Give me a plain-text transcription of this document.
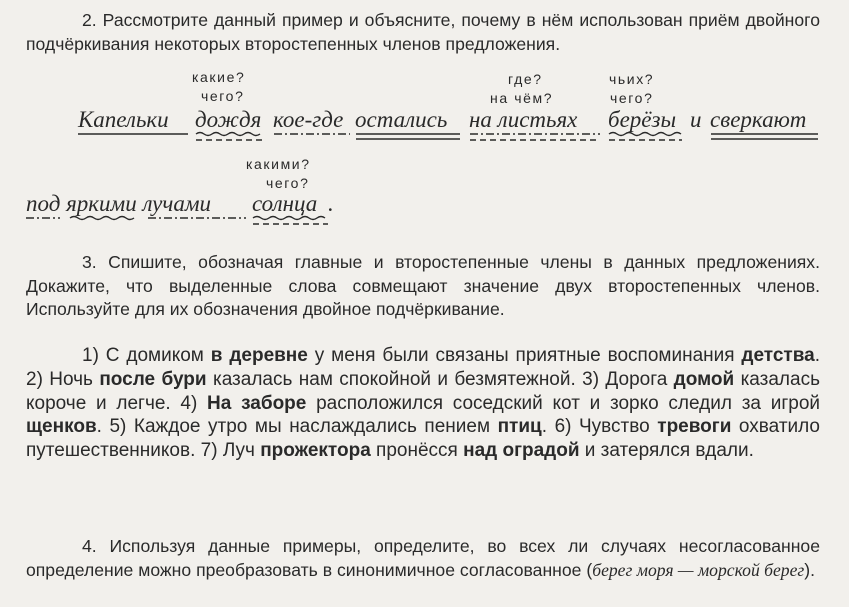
2. Рассмотрите данный пример и объясните, почему в нём использован приём двойного подчёркивания некоторых второстепенных членов предложения.
какие?
чего?
где?
на чём?
чьих?
чего?
какими?
чего?
Капельки дождя кое-где остались на листьях берёзы и сверкают
под яркими лучами солнца .
3. Спишите, обозначая главные и второстепенные члены в данных предложениях. Докажите, что выделенные слова совмещают значение двух второстепенных членов. Используйте для их обозначения двойное подчёркивание.
1) С домиком в деревне у меня были связаны приятные воспоминания детства. 2) Ночь после бури казалась нам спокойной и безмятежной. 3) Дорога домой казалась короче и легче. 4) На заборе расположился соседский кот и зорко следил за игрой щенков. 5) Каждое утро мы наслаждались пением птиц. 6) Чувство тревоги охватило путешественников. 7) Луч прожектора пронёсся над оградой и затерялся вдали.
4. Используя данные примеры, определите, во всех ли случаях несогласованное определение можно преобразовать в синонимичное согласованное (берег моря — морской берег).
